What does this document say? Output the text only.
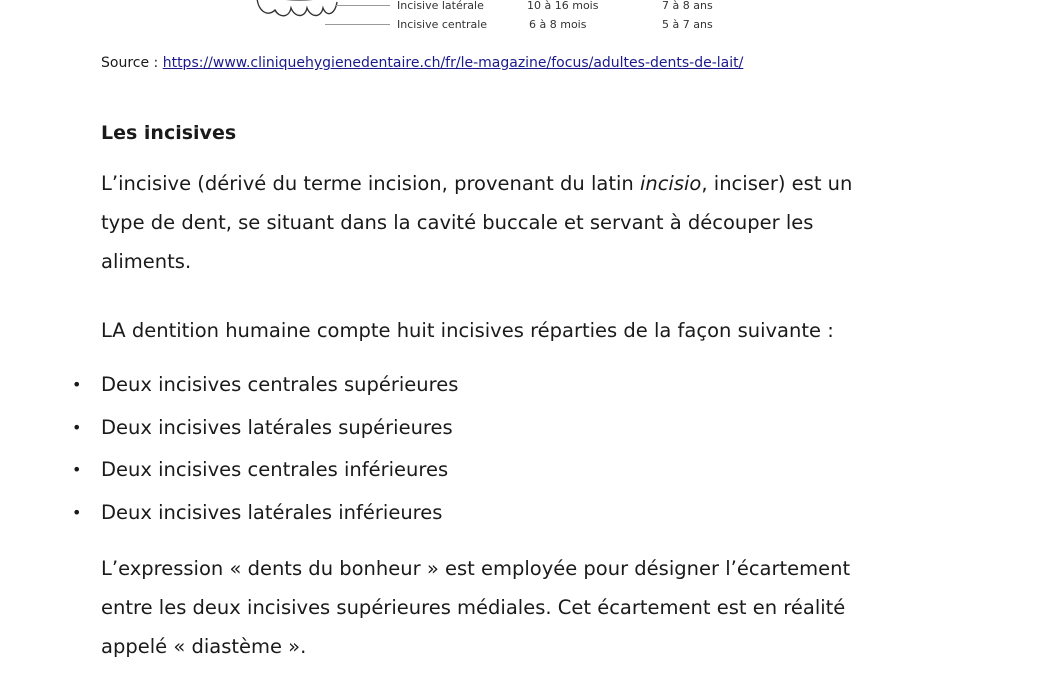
Incisive latérale	10 à 16 mois	7 à 8 ans
Incisive centrale	6 à 8 mois	5 à 7 ans
Source : https://www.cliniquehygienedentaire.ch/fr/le-magazine/focus/adultes-dents-de-lait/
Les incisives
L’incisive (dérivé du terme incision, provenant du latin incisio, inciser) est un
type de dent, se situant dans la cavité buccale et servant à découper les
aliments.
LA dentition humaine compte huit incisives réparties de la façon suivante :
• Deux incisives centrales supérieures
• Deux incisives latérales supérieures
• Deux incisives centrales inférieures
• Deux incisives latérales inférieures
L’expression « dents du bonheur » est employée pour désigner l’écartement
entre les deux incisives supérieures médiales. Cet écartement est en réalité
appelé « diastème ».
